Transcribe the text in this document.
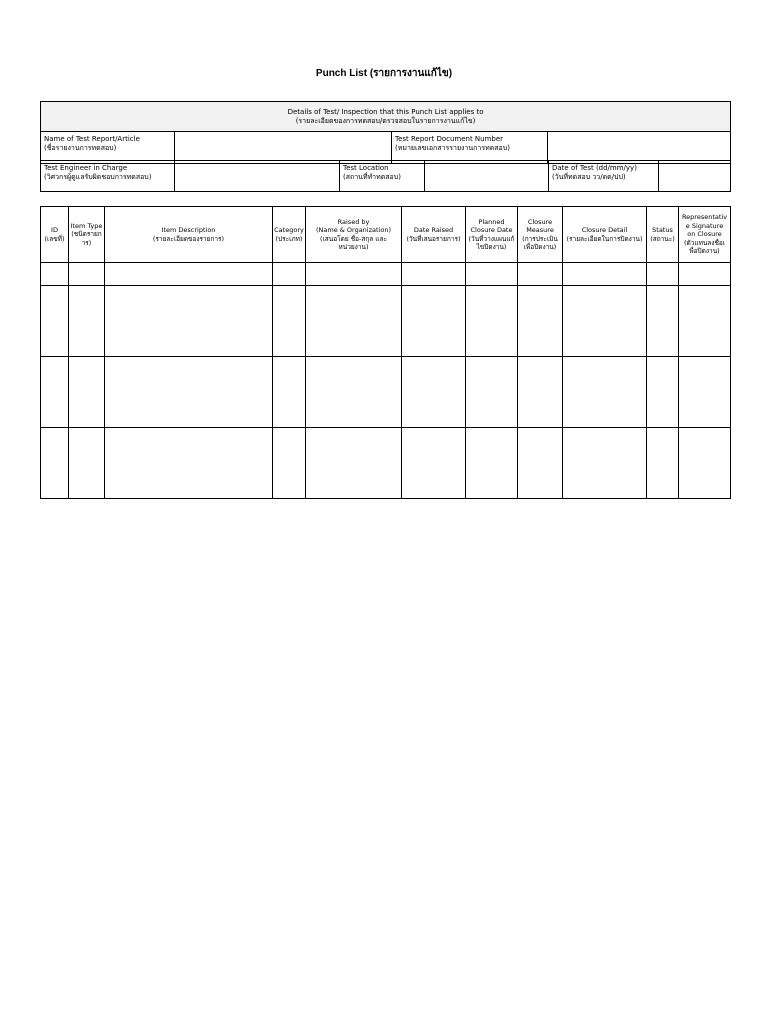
Punch List (รายการงานแก้ไข)
Details of Test/ Inspection that this Punch List applies to
(รายละเอียดของการทดสอบ/ตรวจสอบในรายการงานแก้ไข)
Name of Test Report/Article
(ชื่อรายงานการทดสอบ)

Test Report Document Number
(หมายเลขเอกสารรายงานการทดสอบ)

Test Engineer in Charge
(วิศวกรผู้ดูแลรับผิดชอบการทดสอบ)

Test Location
(สถานที่ทำทดสอบ)

Date of Test (dd/mm/yy)
(วันที่ทดสอบ วว/ดด/ปป)

ID
(เลขที่)	Item Type
(ชนิดรายก
าร)	Item Description
(รายละเอียดของรายการ)	Category
(ประเภท)	Raised by
(Name & Organization)
(เสนอโดย ชื่อ-สกุล และ
หน่วยงาน)	Date Raised
(วันที่เสนอรายการ)	Planned
Closure Date
(วันที่วางแผนแก้
ไขปิดงาน)	Closure
Measure
(การประเมิน
เพื่อปิดงาน)	Closure Detail
(รายละเอียดในการปิดงาน)	Status
(สถานะ)	Representativ
e Signature
on Closure
(ตัวแทนลงชื่อเ
พื่อปิดงาน)
